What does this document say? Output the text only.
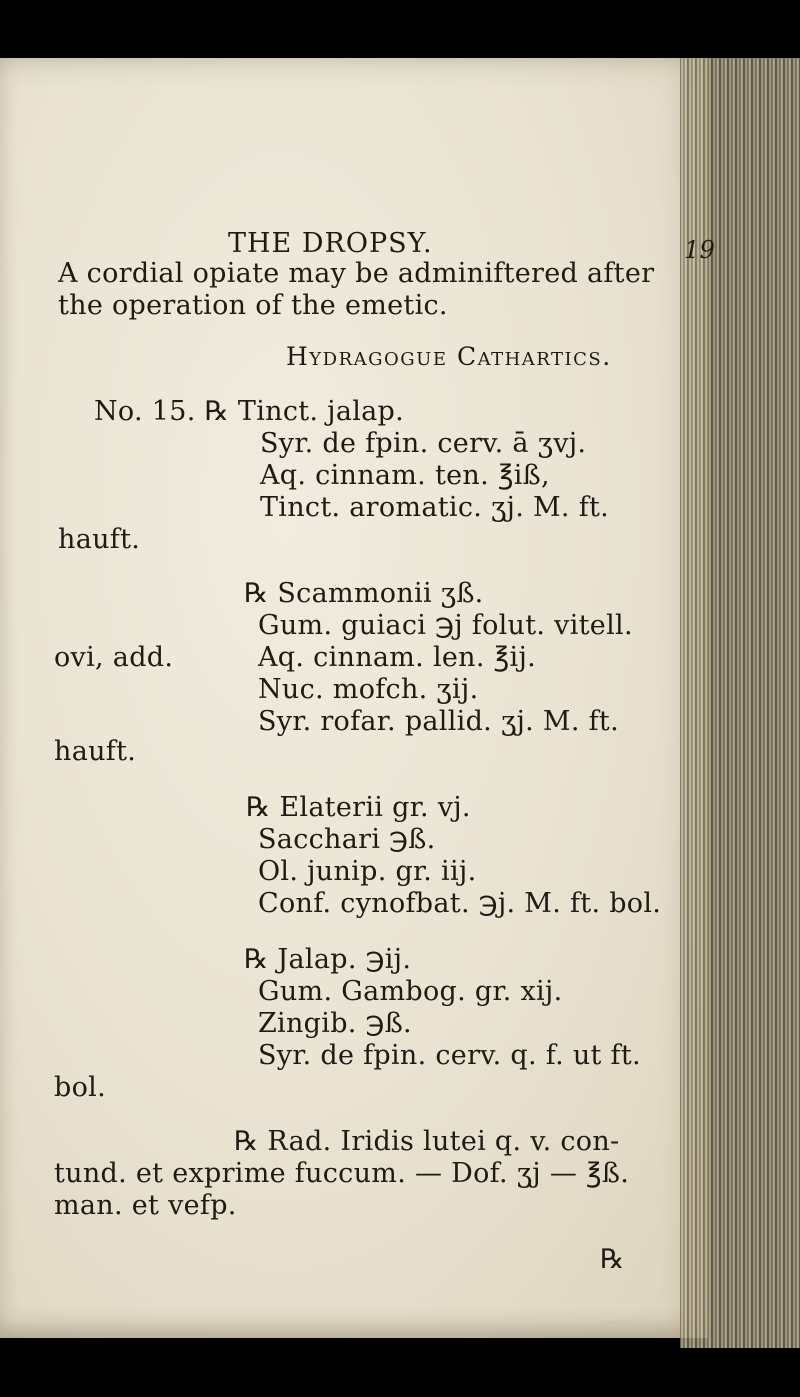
THE DROPSY.	19
A cordial opiate may be adminiftered after
the operation of the emetic.
Hydragogue Cathartics.
No. 15. ℞ Tinct. jalap.
Syr. de fpin. cerv. ā ʒvj.
Aq. cinnam. ten. ℥iß,
Tinct. aromatic. ʒj. M. ft.
hauft.
℞ Scammonii ʒß.
Gum. guiaci ℈j folut. vitell.
ovi, add.	Aq. cinnam. len. ℥ij.
Nuc. mofch. ʒij.
Syr. rofar. pallid. ʒj. M. ft.
hauft.
℞ Elaterii gr. vj.
Sacchari ℈ß.
Ol. junip. gr. iij.
Conf. cynofbat. ℈j. M. ft. bol.
℞ Jalap. ℈ij.
Gum. Gambog. gr. xij.
Zingib. ℈ß.
Syr. de fpin. cerv. q. f. ut ft.
bol.
℞ Rad. Iridis lutei q. v. con-
tund. et exprime fuccum. — Dof. ʒj — ℥ß.
man. et vefp.
℞
